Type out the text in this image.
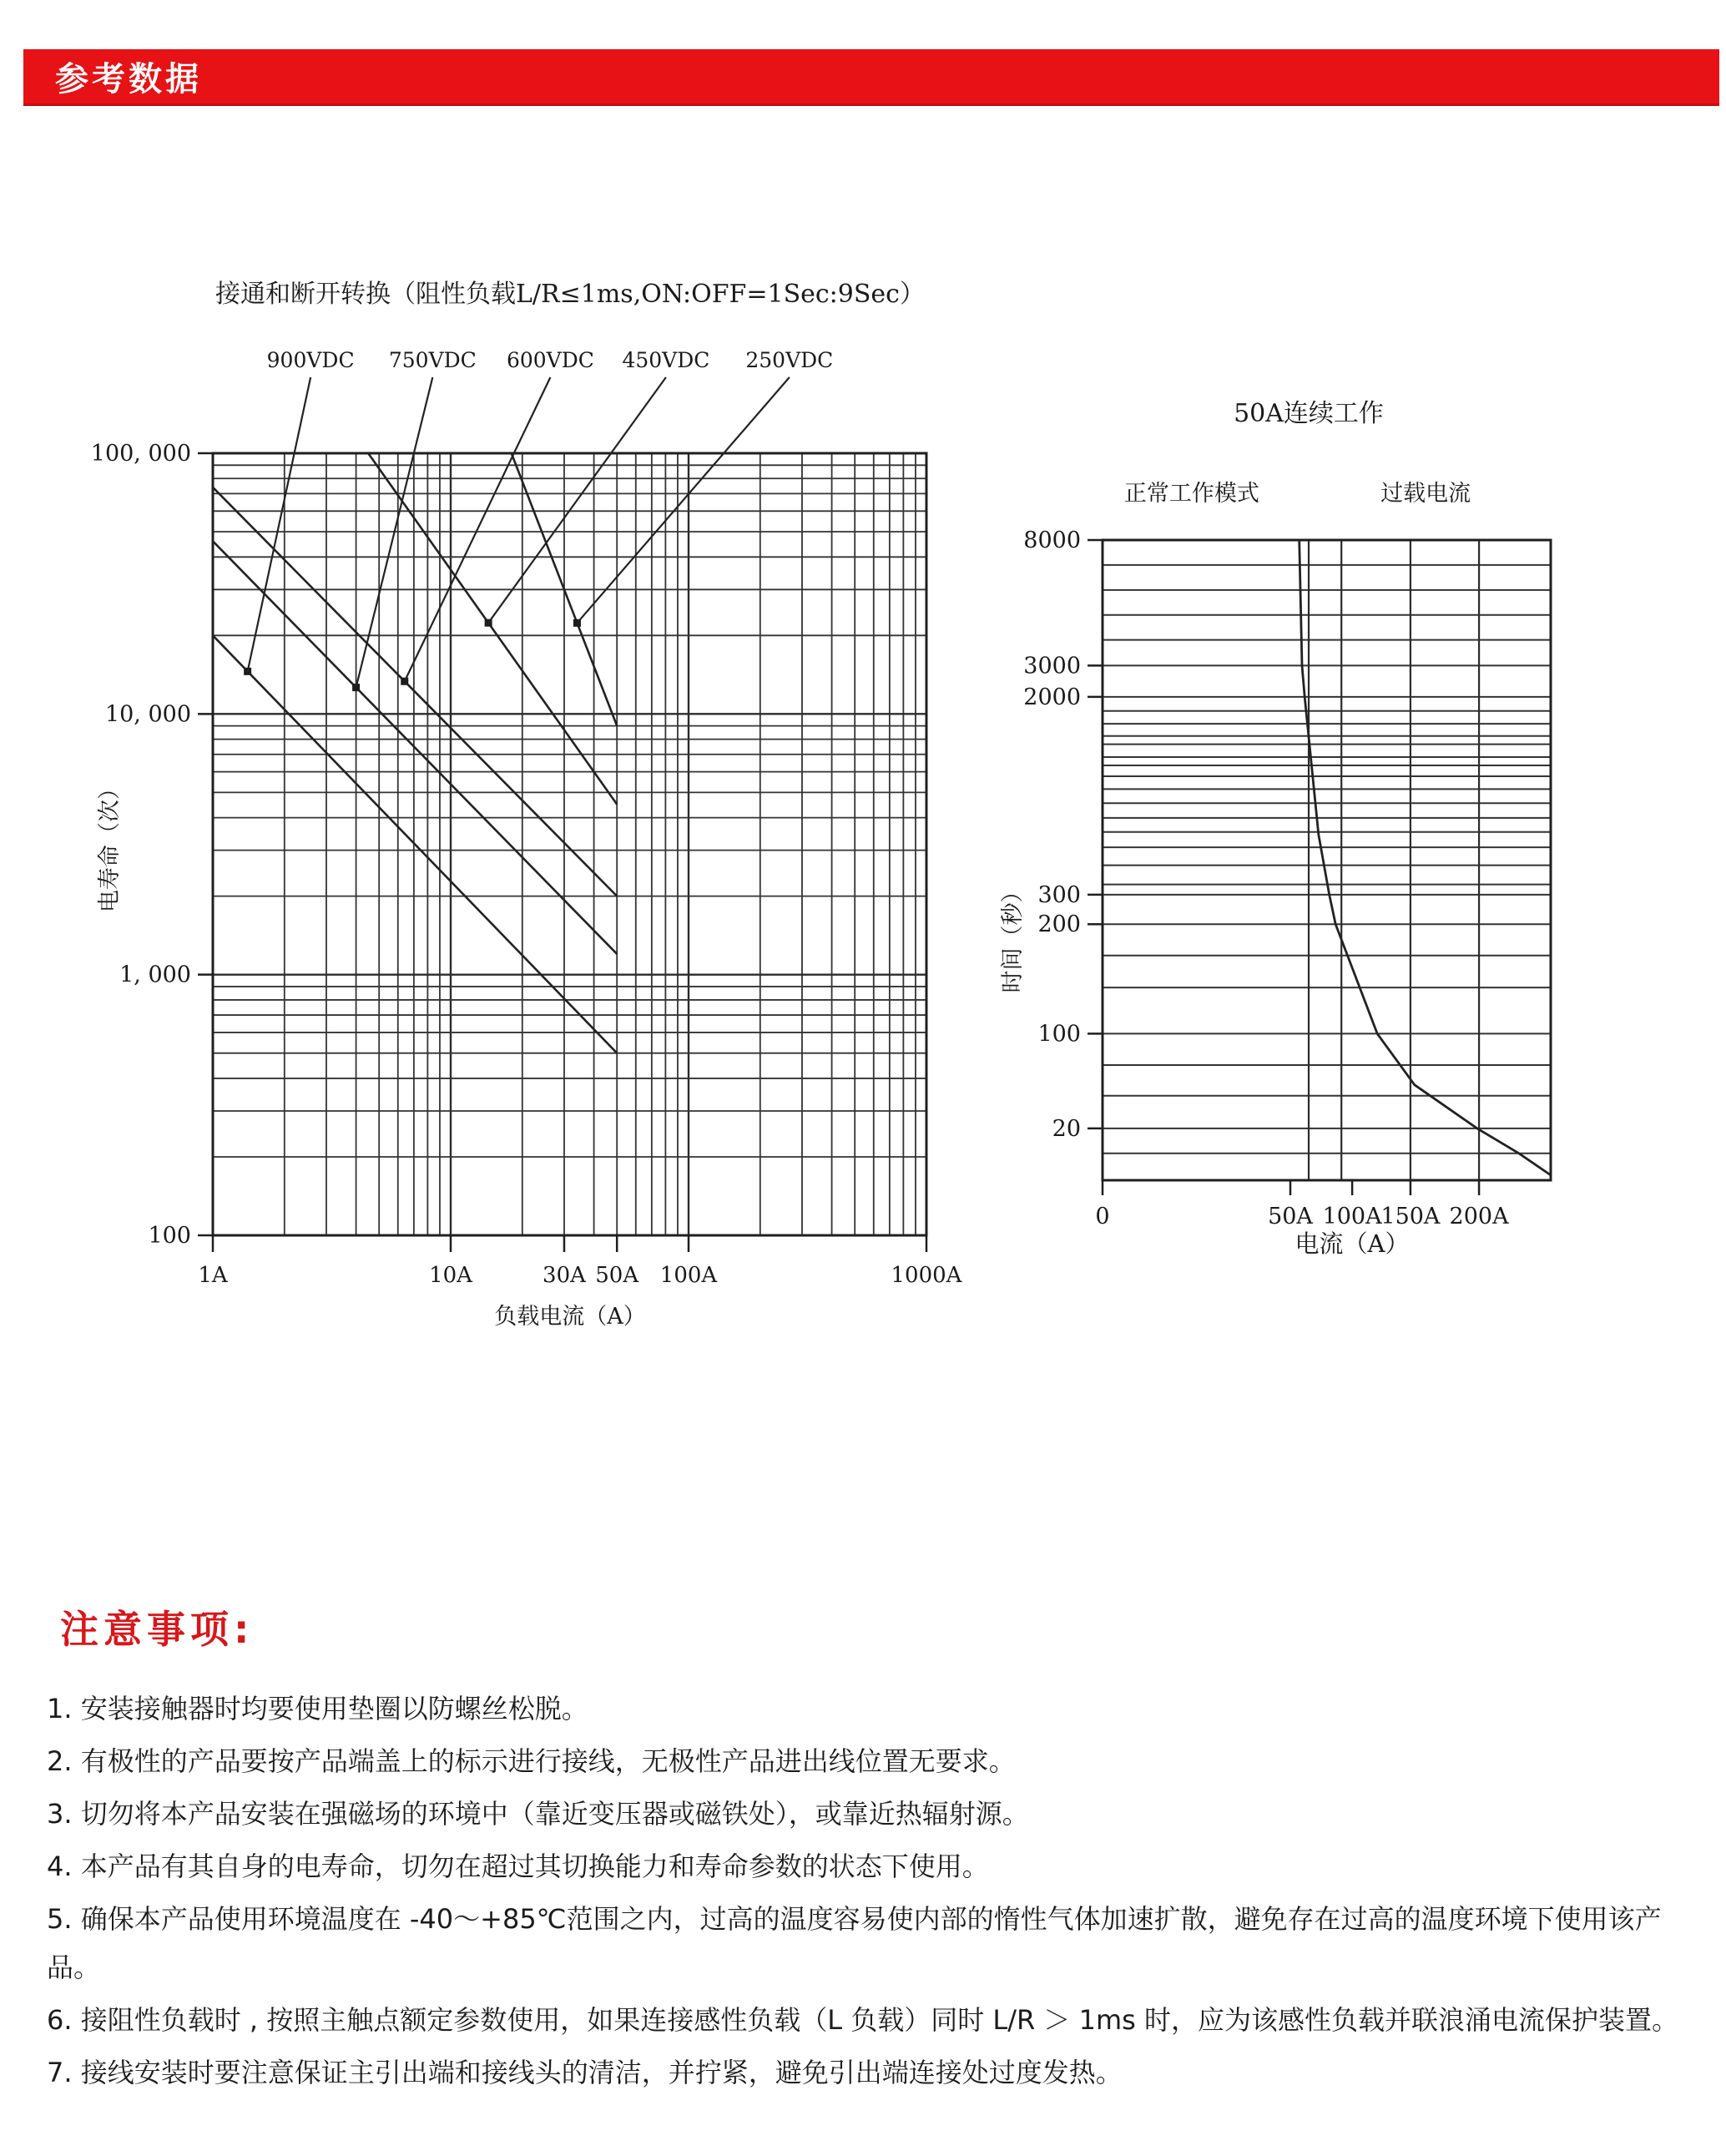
参考数据
1A	10A	30A 50A 100A	1000A
100, 000
10, 000
1, 000
100
900VDC 750VDC 600VDC 450VDC 250VDC
接通和断开转换（阻性负载L/R≤1ms,ON:OFF=1Sec:9Sec）
负载电流（A）
电寿命（次）
8000
3000
2000
300
200
100
20
0	50A 100A
150A 200A
50A连续工作
正常工作模式	过载电流
电流（A）
时间（秒）
注意事项:

1. 安装接触器时均要使用垫圈以防螺丝松脱。

2. 有极性的产品要按产品端盖上的标示进行接线，无极性产品进出线位置无要求。

3. 切勿将本产品安装在强磁场的环境中（靠近变压器或磁铁处），或靠近热辐射源。

4. 本产品有其自身的电寿命，切勿在超过其切换能力和寿命参数的状态下使用。

5. 确保本产品使用环境温度在 -40～+85℃范围之内，过高的温度容易使内部的惰性气体加速扩散，避免存在过高的温度环境下使用该产品。

6. 接阻性负载时 , 按照主触点额定参数使用，如果连接感性负载（L 负载）同时 L/R ＞ 1ms 时，应为该感性负载并联浪涌电流保护装置。

7. 接线安装时要注意保证主引出端和接线头的清洁，并拧紧，避免引出端连接处过度发热。
